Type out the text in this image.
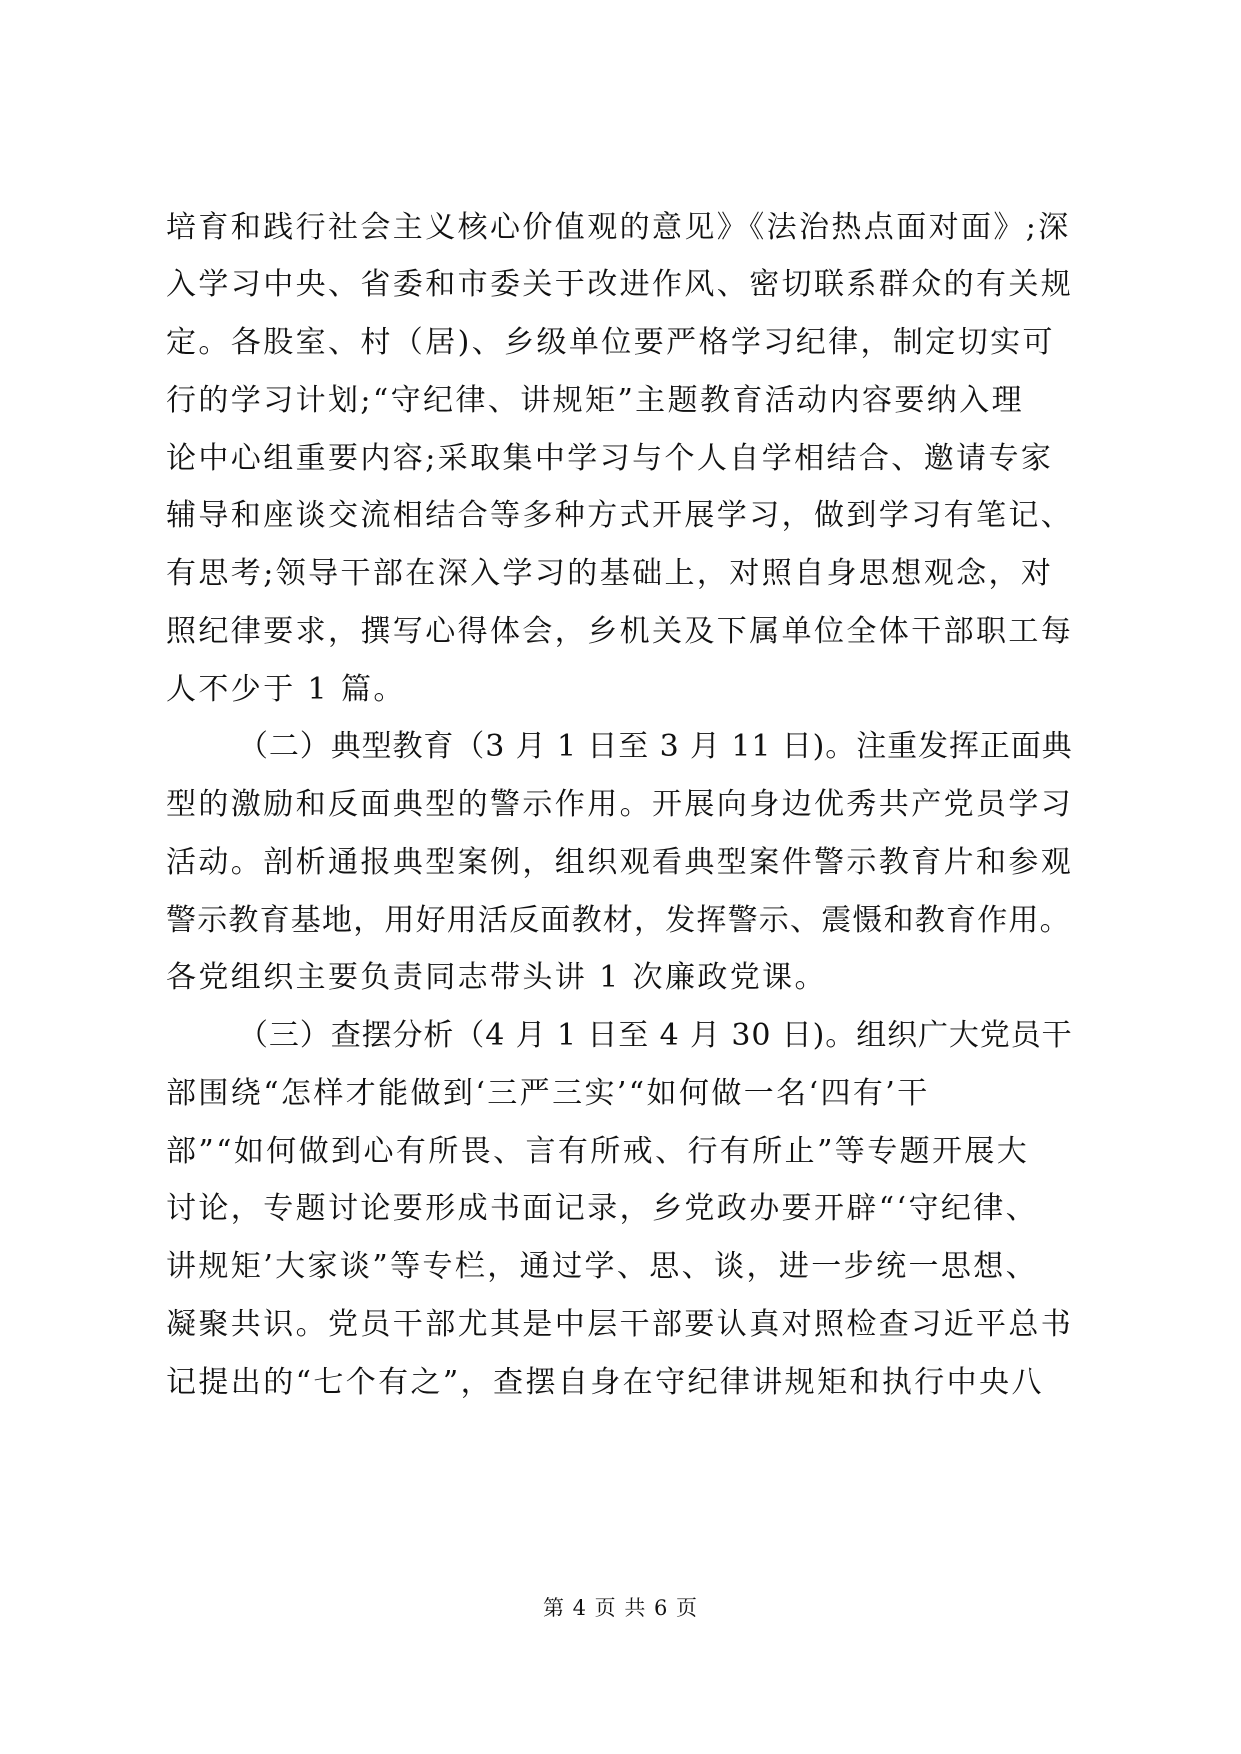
培育和践行社会主义核心价值观的意见》《法治热点面对面》;深
入学习中央、省委和市委关于改进作风、密切联系群众的有关规
定。各股室、村（居)、乡级单位要严格学习纪律，制定切实可
行的学习计划;“守纪律、讲规矩”主题教育活动内容要纳入理
论中心组重要内容;采取集中学习与个人自学相结合、邀请专家
辅导和座谈交流相结合等多种方式开展学习，做到学习有笔记、
有思考;领导干部在深入学习的基础上，对照自身思想观念，对
照纪律要求，撰写心得体会，乡机关及下属单位全体干部职工每
人不少于 1 篇。
（二）典型教育（3 月 1 日至 3 月 11 日)。注重发挥正面典
型的激励和反面典型的警示作用。开展向身边优秀共产党员学习
活动。剖析通报典型案例，组织观看典型案件警示教育片和参观
警示教育基地，用好用活反面教材，发挥警示、震慑和教育作用。
各党组织主要负责同志带头讲 1 次廉政党课。
（三）查摆分析（4 月 1 日至 4 月 30 日)。组织广大党员干
部围绕“怎样才能做到‘三严三实’“如何做一名‘四有’干
部”“如何做到心有所畏、言有所戒、行有所止”等专题开展大
讨论，专题讨论要形成书面记录，乡党政办要开辟“‘守纪律、
讲规矩’大家谈”等专栏，通过学、思、谈，进一步统一思想、
凝聚共识。党员干部尤其是中层干部要认真对照检查习近平总书
记提出的“七个有之”，查摆自身在守纪律讲规矩和执行中央八
第 4 页 共 6 页
